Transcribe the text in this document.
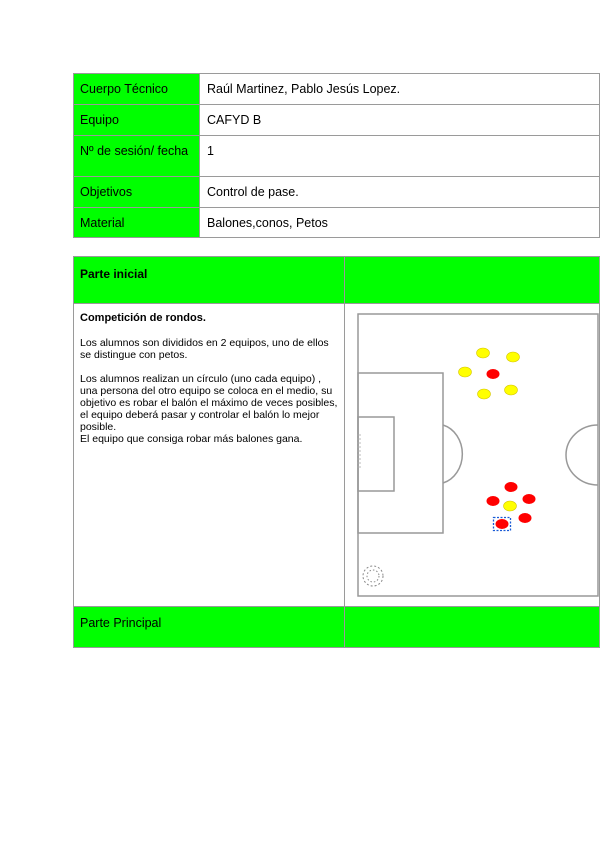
Cuerpo Técnico	Raúl Martinez, Pablo Jesús Lopez.
Equipo	CAFYD B
Nº de sesión/ fecha	1
Objetivos	Control de pase.
Material	Balones,conos, Petos
Parte inicial	

Competición de rondos.

Los alumnos son divididos en 2 equipos, uno de ellos se distingue con petos.

Los alumnos realizan un círculo (uno cada equipo) , una persona del otro equipo se coloca en el medio, su objetivo es robar el balón el máximo de veces posibles, el equipo deberá pasar y controlar el balón lo mejor posible.

El equipo que consiga robar más balones gana.

Parte Principal	
